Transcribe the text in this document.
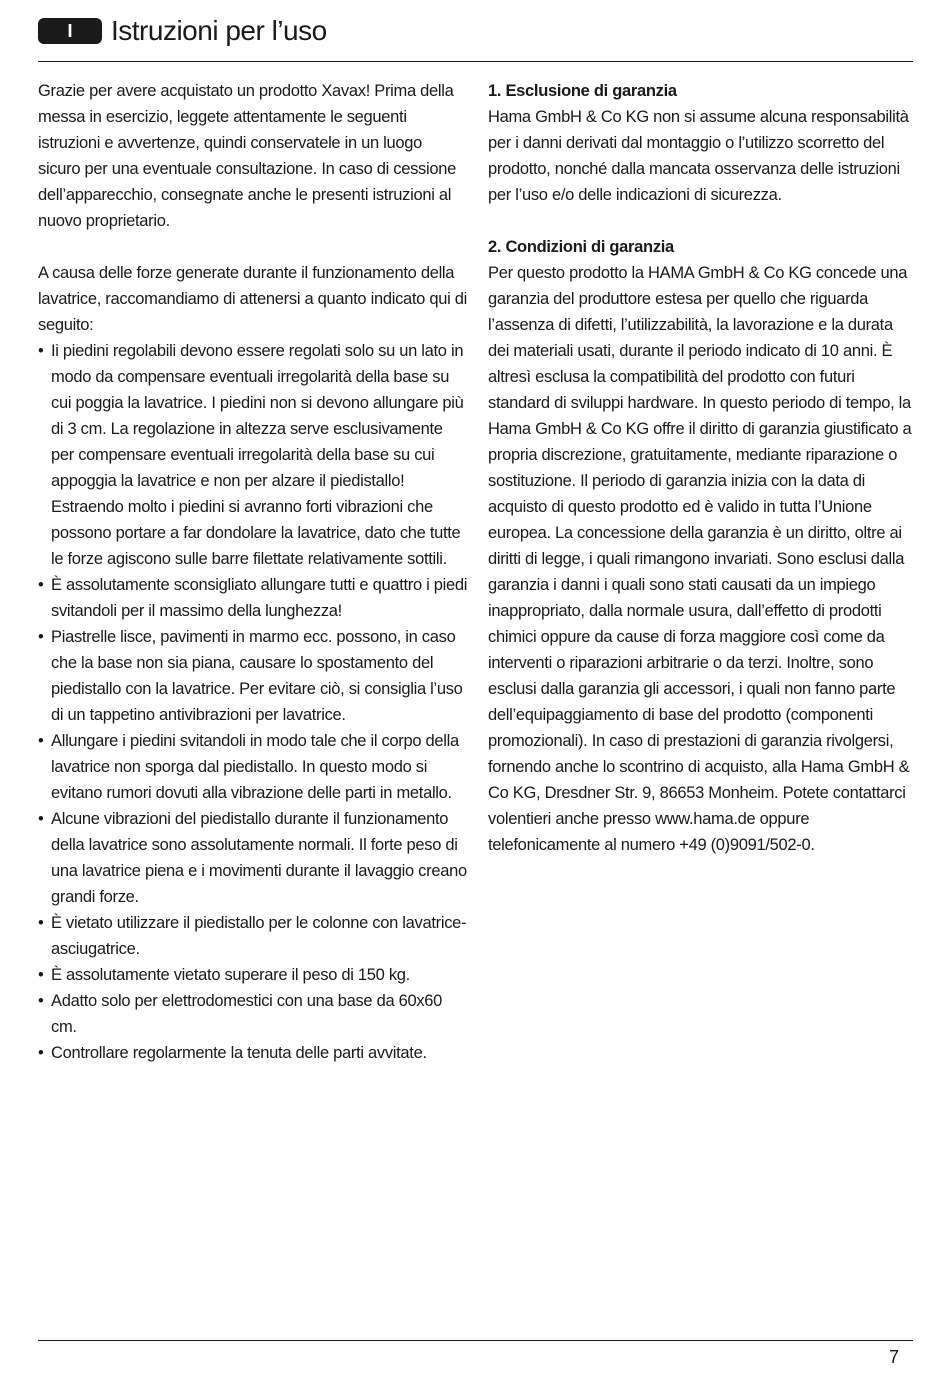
I	Istruzioni per l’uso

Grazie per avere acquistato un prodotto Xavax! Prima della messa in esercizio, leggete attentamente le seguenti istruzioni e avvertenze, quindi conservatele in un luogo sicuro per una eventuale consultazione. In caso di cessione dell’apparecchio, consegnate anche le presenti istruzioni al nuovo proprietario.

A causa delle forze generate durante il funzionamento della lavatrice, raccomandiamo di attenersi a quanto indicato qui di seguito:

• Ii piedini regolabili devono essere regolati solo su un lato in modo da compensare eventuali irregolarità della base su cui poggia la lavatrice. I piedini non si devono allungare più di 3 cm. La regolazione in altezza serve esclusivamente per compensare eventuali irregolarità della base su cui appoggia la lavatrice e non per alzare il piedistallo! Estraendo molto i piedini si avranno forti vibrazioni che possono portare a far dondolare la lavatrice, dato che tutte le forze agiscono sulle barre filettate relativamente sottili.
• È assolutamente sconsigliato allungare tutti e quattro i piedi svitandoli per il massimo della lunghezza!
• Piastrelle lisce, pavimenti in marmo ecc. possono, in caso che la base non sia piana, causare lo spostamento del piedistallo con la lavatrice. Per evitare ciò, si consiglia l’uso di un tappetino antivibrazioni per lavatrice.
• Allungare i piedini svitandoli in modo tale che il corpo della lavatrice non sporga dal piedistallo. In questo modo si evitano rumori dovuti alla vibrazione delle parti in metallo.
• Alcune vibrazioni del piedistallo durante il funzionamento della lavatrice sono assolutamente normali. Il forte peso di una lavatrice piena e i movimenti durante il lavaggio creano grandi forze.
• È vietato utilizzare il piedistallo per le colonne con lavatrice-asciugatrice.
• È assolutamente vietato superare il peso di 150 kg.
• Adatto solo per elettrodomestici con una base da 60x60 cm.
• Controllare regolarmente la tenuta delle parti avvitate.

1. Esclusione di garanzia

Hama GmbH & Co KG non si assume alcuna responsabilità per i danni derivati dal montaggio o l’utilizzo scorretto del prodotto, nonché dalla mancata osservanza delle istruzioni per l’uso e/o delle indicazioni di sicurezza.

2. Condizioni di garanzia

Per questo prodotto la HAMA GmbH & Co KG concede una garanzia del produttore estesa per quello che riguarda l’assenza di difetti, l’utilizzabilità, la lavorazione e la durata dei materiali usati, durante il periodo indicato di 10 anni. È altresì esclusa la compatibilità del prodotto con futuri standard di sviluppi hardware. In questo periodo di tempo, la Hama GmbH & Co KG offre il diritto di garanzia giustificato a propria discrezione, gratuitamente, mediante riparazione o sostituzione. Il periodo di garanzia inizia con la data di acquisto di questo prodotto ed è valido in tutta l’Unione europea. La concessione della garanzia è un diritto, oltre ai diritti di legge, i quali rimangono invariati. Sono esclusi dalla garanzia i danni i quali sono stati causati da un impiego inappropriato, dalla normale usura, dall’effetto di prodotti chimici oppure da cause di forza maggiore così come da interventi o riparazioni arbitrarie o da terzi. Inoltre, sono esclusi dalla garanzia gli accessori, i quali non fanno parte dell’equipaggiamento di base del prodotto (componenti promozionali). In caso di prestazioni di garanzia rivolgersi, fornendo anche lo scontrino di acquisto, alla Hama GmbH & Co KG, Dresdner Str. 9, 86653 Monheim. Potete contattarci volentieri anche presso www.hama.de oppure telefonicamente al numero +49 (0)9091/502-0.

7
